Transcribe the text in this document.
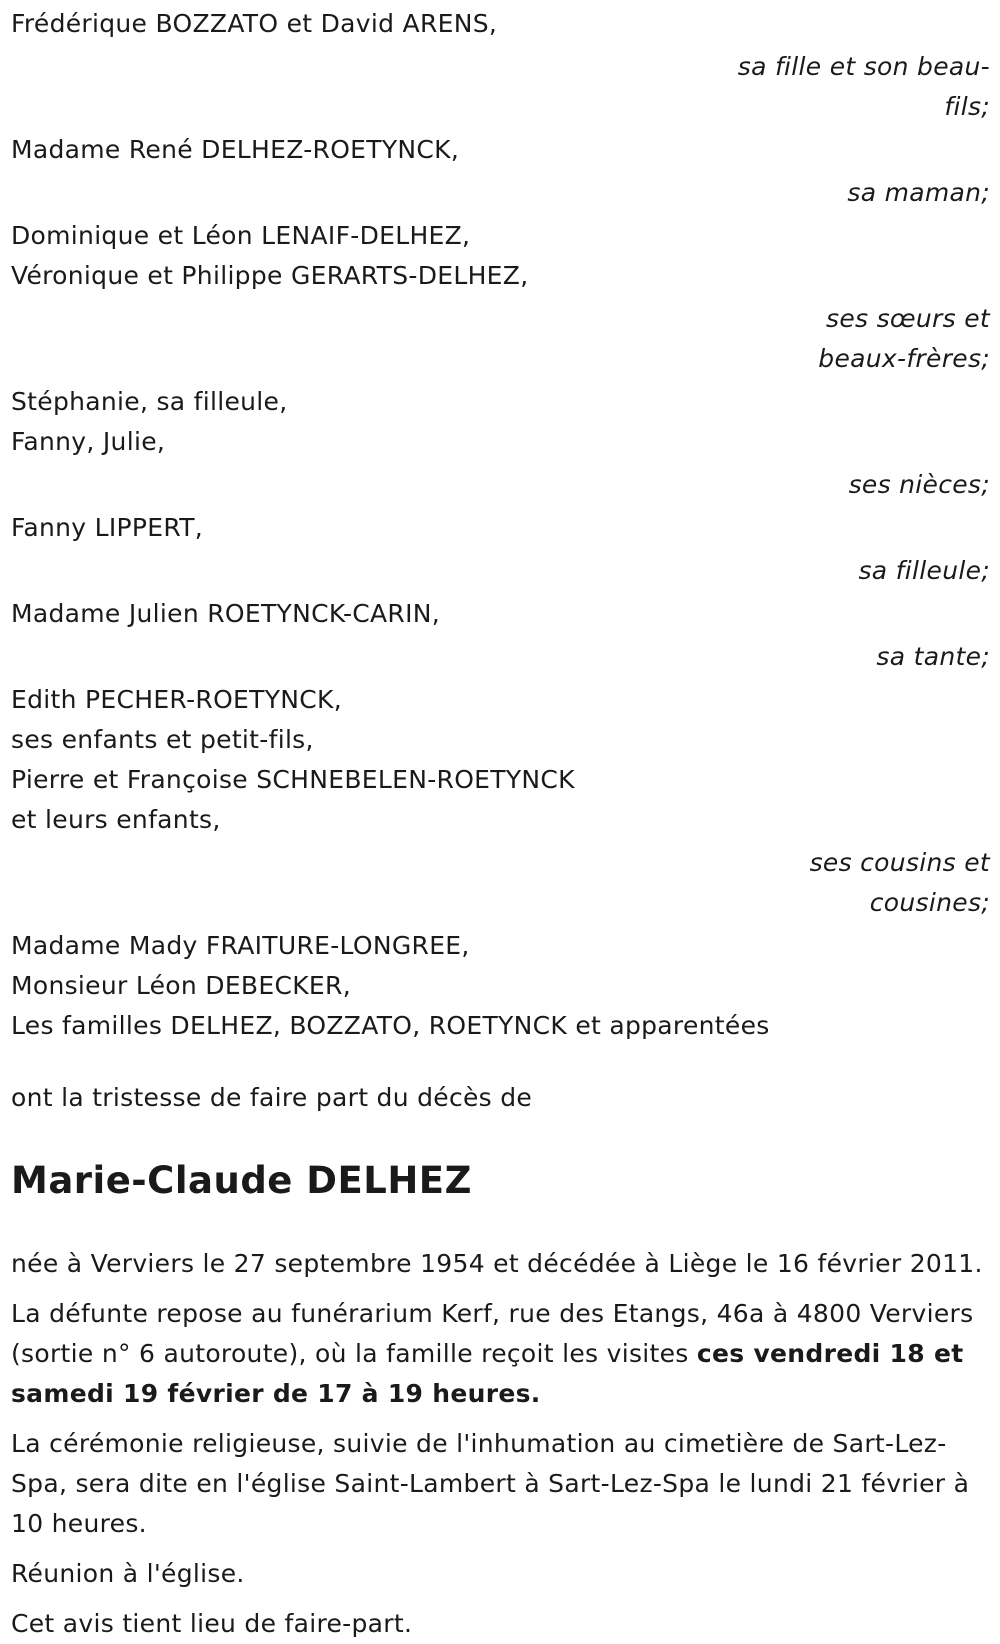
Frédérique BOZZATO et David ARENS,
sa fille et son beau-fils;
Madame René DELHEZ-ROETYNCK,
sa maman;
Dominique et Léon LENAIF-DELHEZ,
Véronique et Philippe GERARTS-DELHEZ,
ses sœurs et beaux-frères;
Stéphanie, sa filleule,
Fanny, Julie,
ses nièces;
Fanny LIPPERT,
sa filleule;
Madame Julien ROETYNCK-CARIN,
sa tante;
Edith PECHER-ROETYNCK,
ses enfants et petit-fils,
Pierre et Françoise SCHNEBELEN-ROETYNCK
et leurs enfants,
ses cousins et cousines;
Madame Mady FRAITURE-LONGREE,
Monsieur Léon DEBECKER,
Les familles DELHEZ, BOZZATO, ROETYNCK et apparentées
ont la tristesse de faire part du décès de
Marie-Claude DELHEZ

née à Verviers le 27 septembre 1954 et décédée à Liège le 16 février 2011.

La défunte repose au funérarium Kerf, rue des Etangs, 46a à 4800 Verviers (sortie n° 6 autoroute), où la famille reçoit les visites ces vendredi 18 et samedi 19 février de 17 à 19 heures.

La cérémonie religieuse, suivie de l'inhumation au cimetière de Sart-Lez-Spa, sera dite en l'église Saint-Lambert à Sart-Lez-Spa le lundi 21 février à 10 heures.

Réunion à l'église.

Cet avis tient lieu de faire-part.
